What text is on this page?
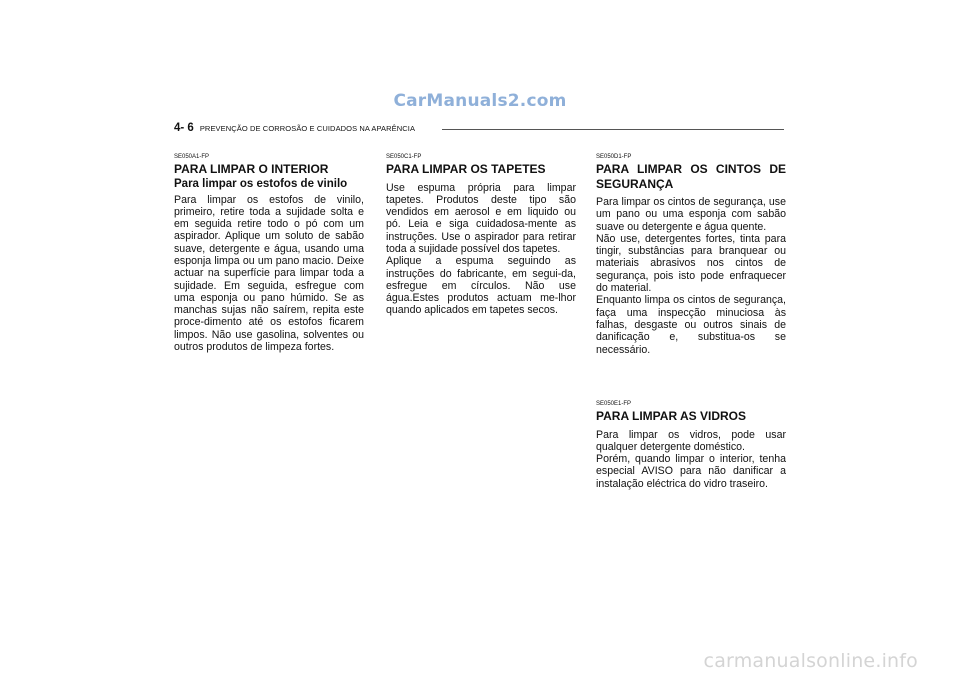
CarManuals2.com
4- 6 PREVENÇÃO DE CORROSÃO E CUIDADOS NA APARÊNCIA
SE050A1-FP
PARA LIMPAR O INTERIOR
Para limpar os estofos de vinilo

Para limpar os estofos de vinilo, primeiro, retire toda a sujidade solta e em seguida retire todo o pó com um aspirador. Aplique um soluto de sabão suave, detergente e água, usando uma esponja limpa ou um pano macio. Deixe actuar na superfície para limpar toda a sujidade. Em seguida, esfregue com uma esponja ou pano húmido. Se as manchas sujas não saírem, repita este proce-dimento até os estofos ficarem limpos. Não use gasolina, solventes ou outros produtos de limpeza fortes.

SE050C1-FP
PARA LIMPAR OS TAPETES

Use espuma própria para limpar tapetes. Produtos deste tipo são vendidos em aerosol e em liquido ou pó. Leia e siga cuidadosa-mente as instruções. Use o aspirador para retirar toda a sujidade possível dos tapetes.
Aplique a espuma seguindo as instruções do fabricante, em segui-da, esfregue em círculos. Não use água.Estes produtos actuam me-lhor quando aplicados em tapetes secos.

SE050D1-FP
PARA LIMPAR OS CINTOS DE SEGURANÇA

Para limpar os cintos de segurança, use um pano ou uma esponja com sabão suave ou detergente e água quente.
Não use, detergentes fortes, tinta para tingir, substâncias para branquear ou materiais abrasivos nos cintos de segurança, pois isto pode enfraquecer do material.
Enquanto limpa os cintos de segurança, faça uma inspecção minuciosa às falhas, desgaste ou outros sinais de danificação e, substitua-os se necessário.

SE050E1-FP
PARA LIMPAR AS VIDROS

Para limpar os vidros, pode usar qualquer detergente doméstico.
Porém, quando limpar o interior, tenha especial AVISO para não danificar a instalação eléctrica do vidro traseiro.

carmanualsonline.info
